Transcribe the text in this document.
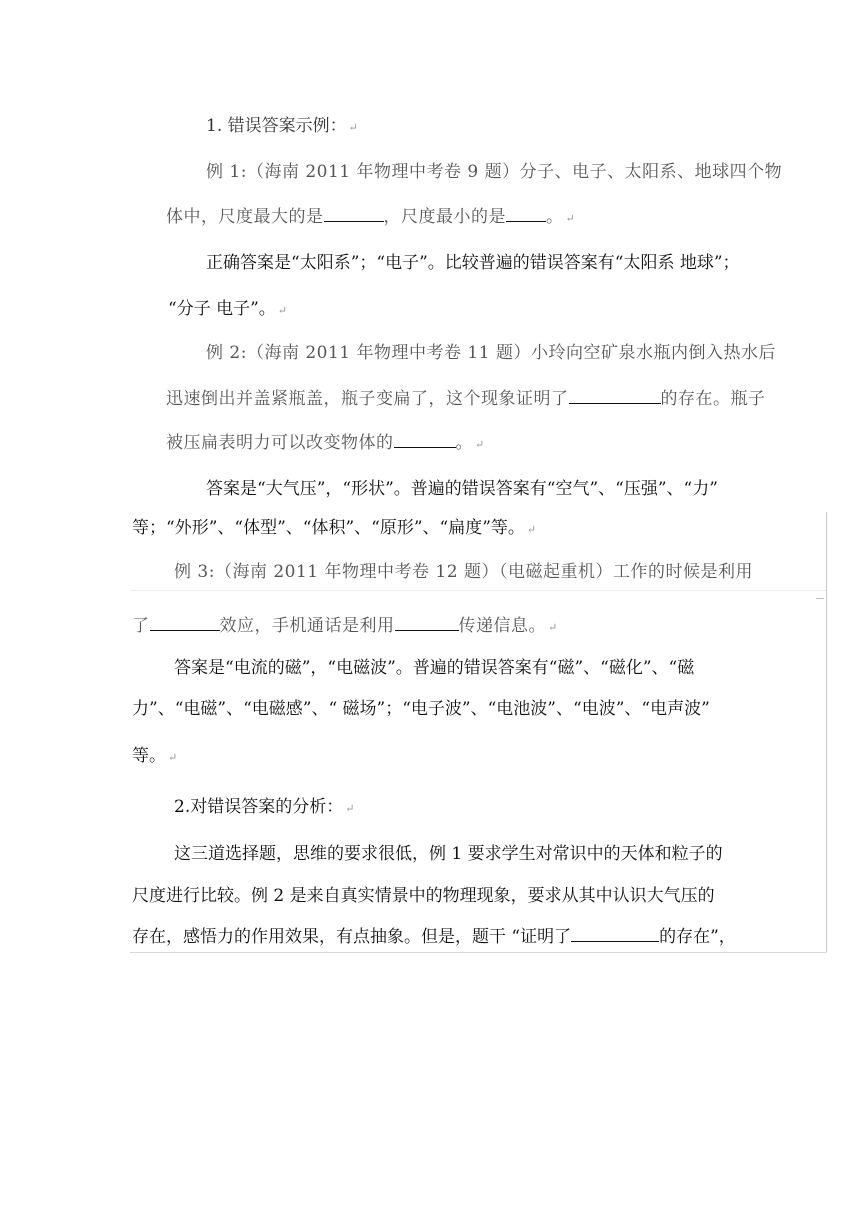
1. 错误答案示例： ↵
例 1:（海南 2011 年物理中考卷 9 题）分子、电子、太阳系、地球四个物
体中，尺度最大的是	，尺度最小的是 。 ↵
正确答案是“太阳系”；“电子”。比较普遍的错误答案有“太阳系 地球”；
“分子 电子”。 ↵
例 2:（海南 2011 年物理中考卷 11 题）小玲向空矿泉水瓶内倒入热水后
迅速倒出并盖紧瓶盖，瓶子变扁了，这个现象证明了	的存在。瓶子
被压扁表明力可以改变物体的	。 ↵
答案是“大气压”，“形状”。普遍的错误答案有“空气”、“压强”、“力”
等；“外形”、“体型”、“体积”、“原形”、“扁度”等。 ↵
例 3:（海南 2011 年物理中考卷 12 题）（电磁起重机）工作的时候是利用
了	效应，手机通话是利用	传递信息。 ↵
答案是“电流的磁”，“电磁波”。普遍的错误答案有“磁”、“磁化”、“磁
力”、“电磁”、“电磁感”、“ 磁场”；“电子波”、“电池波”、“电波”、“电声波”
等。 ↵
2.对错误答案的分析： ↵
这三道选择题，思维的要求很低，例 1 要求学生对常识中的天体和粒子的
尺度进行比较。例 2 是来自真实情景中的物理现象，要求从其中认识大气压的
存在，感悟力的作用效果，有点抽象。但是，题干 “证明了	的存在”，
